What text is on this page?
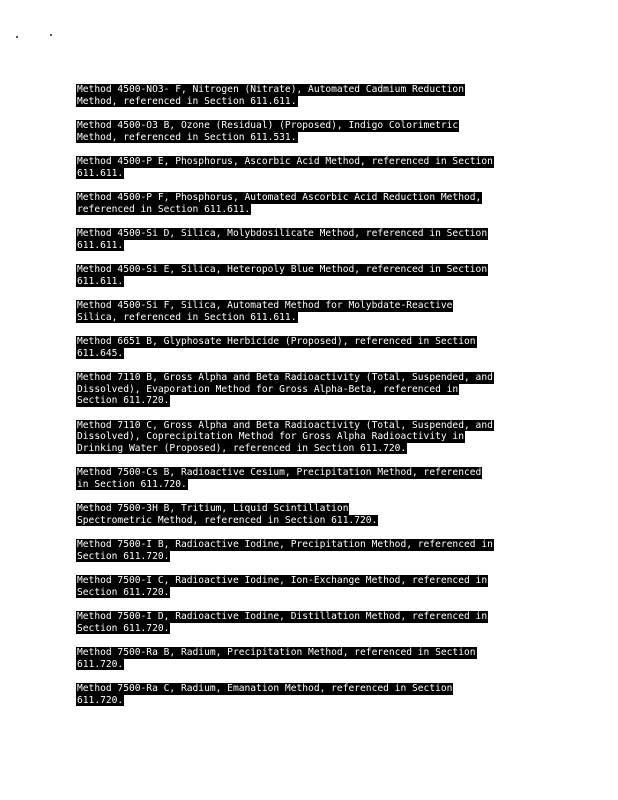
Method 4500-NO3- F, Nitrogen (Nitrate), Automated Cadmium Reduction
Method, referenced in Section 611.611.
Method 4500-O3 B, Ozone (Residual) (Proposed), Indigo Colorimetric
Method, referenced in Section 611.531.
Method 4500-P E, Phosphorus, Ascorbic Acid Method, referenced in Section
611.611.
Method 4500-P F, Phosphorus, Automated Ascorbic Acid Reduction Method,
referenced in Section 611.611.
Method 4500-Si D, Silica, Molybdosilicate Method, referenced in Section
611.611.
Method 4500-Si E, Silica, Heteropoly Blue Method, referenced in Section
611.611.
Method 4500-Si F, Silica, Automated Method for Molybdate-Reactive
Silica, referenced in Section 611.611.
Method 6651 B, Glyphosate Herbicide (Proposed), referenced in Section
611.645.
Method 7110 B, Gross Alpha and Beta Radioactivity (Total, Suspended, and
Dissolved), Evaporation Method for Gross Alpha-Beta, referenced in
Section 611.720.
Method 7110 C, Gross Alpha and Beta Radioactivity (Total, Suspended, and
Dissolved), Coprecipitation Method for Gross Alpha Radioactivity in
Drinking Water (Proposed), referenced in Section 611.720.
Method 7500-Cs B, Radioactive Cesium, Precipitation Method, referenced
in Section 611.720.
Method 7500-3H B, Tritium, Liquid Scintillation
Spectrometric Method, referenced in Section 611.720.
Method 7500-I B, Radioactive Iodine, Precipitation Method, referenced in
Section 611.720.
Method 7500-I C, Radioactive Iodine, Ion-Exchange Method, referenced in
Section 611.720.
Method 7500-I D, Radioactive Iodine, Distillation Method, referenced in
Section 611.720.
Method 7500-Ra B, Radium, Precipitation Method, referenced in Section
611.720.
Method 7500-Ra C, Radium, Emanation Method, referenced in Section
611.720.
